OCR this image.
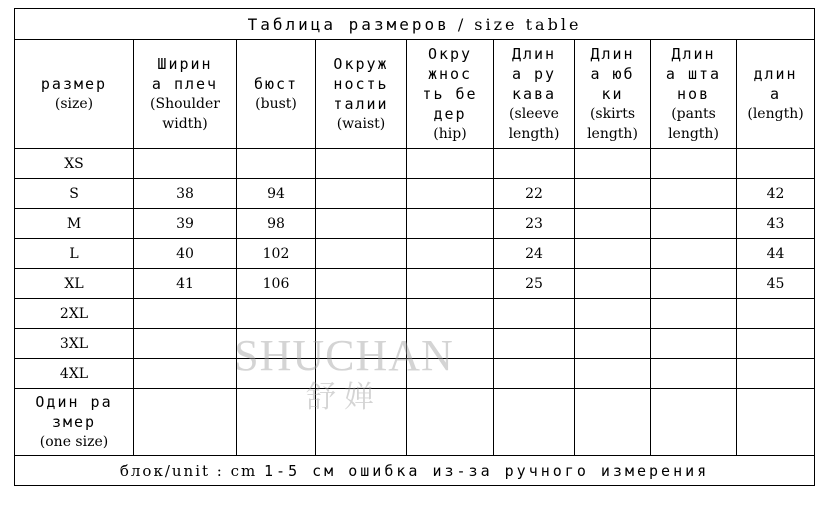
Таблица размеров / size table								

размер
(size)	Ширин
а плеч
(Shoulder
width)	бюст
(bust)	Окруж
ность
талии
(waist)	Окру
жнос
ть бе
дер
(hip)	Длин
а ру
кава
(sleeve
length)	Длин
а юб
ки
(skirts
length)	Длин
а шта
нов
(pants
length)	длин
а
(length)

XS								
S	38	94			22			42
M	39	98			23			43
L	40	102			24			44
XL	41	106			25			45
2XL								
3XL								
4XL								

Один ра
змер
(one size)								

блок/unit : cm 1-5 см ошибка из-за ручного измерения								
SHUCHAN
舒婵
